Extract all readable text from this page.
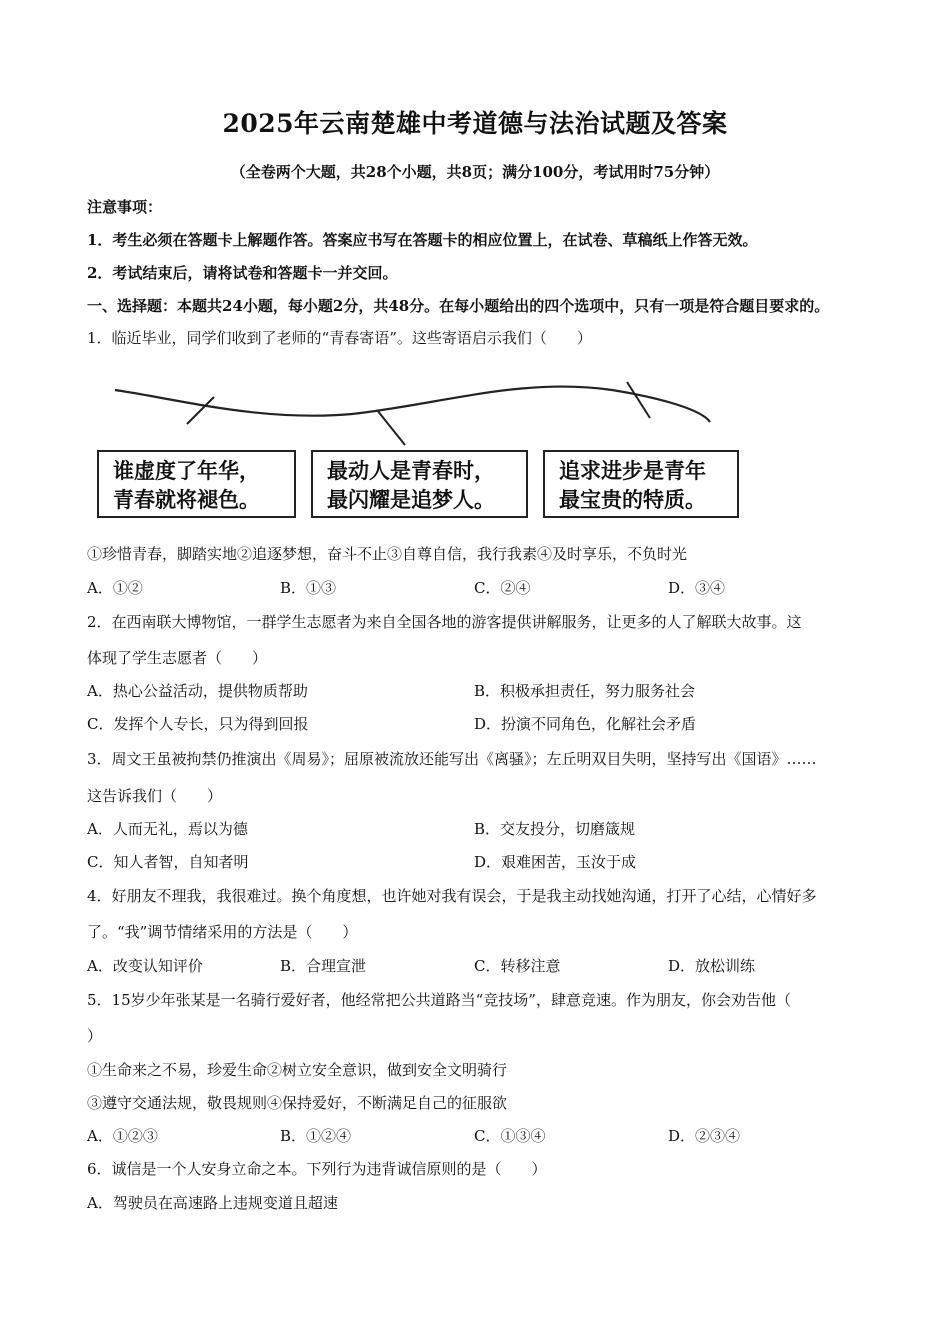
2025年云南楚雄中考道德与法治试题及答案
（全卷两个大题，共28个小题，共8页；满分100分，考试用时75分钟）
注意事项：
1．考生必须在答题卡上解题作答。答案应书写在答题卡的相应位置上，在试卷、草稿纸上作答无效。
2．考试结束后，请将试卷和答题卡一并交回。
一、选择题：本题共24小题，每小题2分，共48分。在每小题给出的四个选项中，只有一项是符合题目要求的。
1．临近毕业，同学们收到了老师的“青春寄语”。这些寄语启示我们（　　）
谁虚度了年华，
青春就将褪色。
最动人是青春时，
最闪耀是追梦人。
追求进步是青年
最宝贵的特质。
①珍惜青春，脚踏实地②追逐梦想，奋斗不止③自尊自信，我行我素④及时享乐，不负时光
A．①②	B．①③	C．②④	D．③④
2．在西南联大博物馆，一群学生志愿者为来自全国各地的游客提供讲解服务，让更多的人了解联大故事。这
体现了学生志愿者（　　）
A．热心公益活动，提供物质帮助	B．积极承担责任，努力服务社会
C．发挥个人专长，只为得到回报	D．扮演不同角色，化解社会矛盾
3．周文王虽被拘禁仍推演出《周易》；屈原被流放还能写出《离骚》；左丘明双目失明，坚持写出《国语》……
这告诉我们（　　）
A．人而无礼，焉以为德	B．交友投分，切磨箴规
C．知人者智，自知者明	D．艰难困苦，玉汝于成
4．好朋友不理我，我很难过。换个角度想，也许她对我有误会，于是我主动找她沟通，打开了心结，心情好多
了。“我”调节情绪采用的方法是（　　）
A．改变认知评价	B．合理宣泄	C．转移注意	D．放松训练
5．15岁少年张某是一名骑行爱好者，他经常把公共道路当“竞技场”，肆意竞速。作为朋友，你会劝告他（
）
①生命来之不易，珍爱生命②树立安全意识，做到安全文明骑行
③遵守交通法规，敬畏规则④保持爱好，不断满足自己的征服欲
A．①②③	B．①②④	C．①③④	D．②③④
6．诚信是一个人安身立命之本。下列行为违背诚信原则的是（　　）
A．驾驶员在高速路上违规变道且超速
